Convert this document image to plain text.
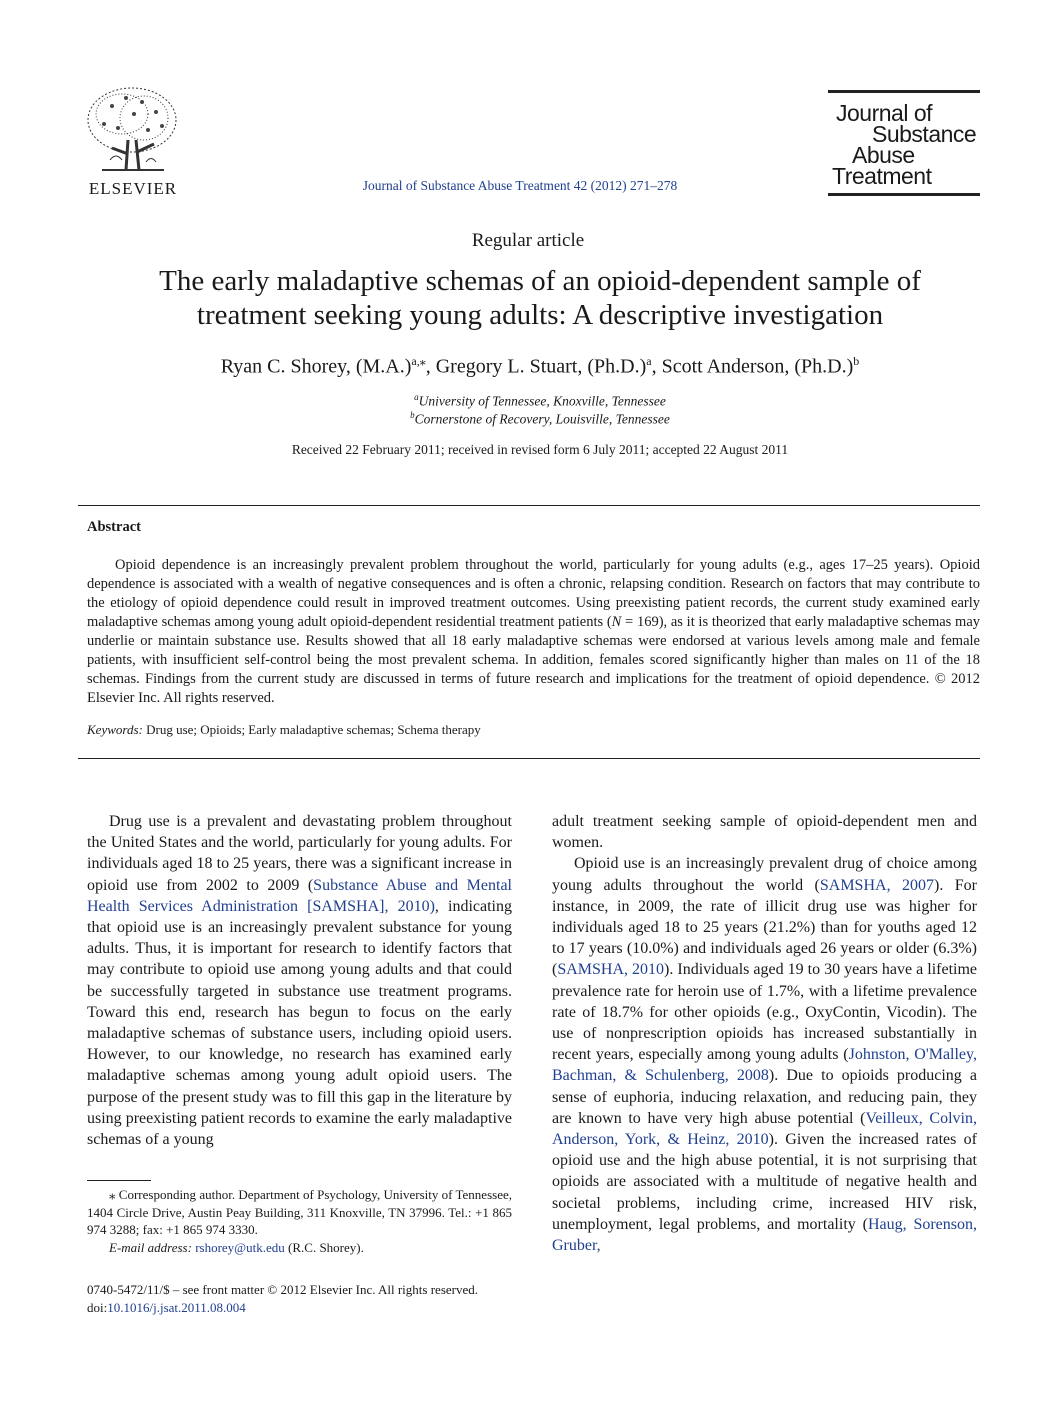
ELSEVIER	Journal of Substance Abuse Treatment 42 (2012) 271–278
Journal of
Substance
Abuse
Treatment
Regular article
The early maladaptive schemas of an opioid-dependent sample of
treatment seeking young adults: A descriptive investigation
Ryan C. Shorey, $(M.A.)^{a,⁎}$, Gregory L. Stuart, $(Ph.D.)^a$, Scott Anderson, $(Ph.D.)^b$
$^a$University of Tennessee, Knoxville, Tennessee
$^b$Cornerstone of Recovery, Louisville, Tennessee
Received 22 February 2011; received in revised form 6 July 2011; accepted 22 August 2011
Abstract
Opioid dependence is an increasingly prevalent problem throughout the world, particularly for young adults (e.g., ages 17–25 years). Opioid dependence is associated with a wealth of negative consequences and is often a chronic, relapsing condition. Research on factors that may contribute to the etiology of opioid dependence could result in improved treatment outcomes. Using preexisting patient records, the current study examined early maladaptive schemas among young adult opioid-dependent residential treatment patients (N = 169), as it is theorized that early maladaptive schemas may underlie or maintain substance use. Results showed that all 18 early maladaptive schemas were endorsed at various levels among male and female patients, with insufficient self-control being the most prevalent schema. In addition, females scored significantly higher than males on 11 of the 18 schemas. Findings from the current study are discussed in terms of future research and implications for the treatment of opioid dependence. © 2012 Elsevier Inc. All rights reserved.
Keywords: Drug use; Opioids; Early maladaptive schemas; Schema therapy

Drug use is a prevalent and devastating problem throughout the United States and the world, particularly for young adults. For individuals aged 18 to 25 years, there was a significant increase in opioid use from 2002 to 2009 (Substance Abuse and Mental Health Services Administration [SAMSHA], 2010), indicating that opioid use is an increasingly prevalent substance for young adults. Thus, it is important for research to identify factors that may contribute to opioid use among young adults and that could be successfully targeted in substance use treatment programs. Toward this end, research has begun to focus on the early maladaptive schemas of substance users, including opioid users. However, to our knowledge, no research has examined early maladaptive schemas among young adult opioid users. The purpose of the present study was to fill this gap in the literature by using preexisting patient records to examine the early maladaptive schemas of a young

adult treatment seeking sample of opioid-dependent men and women.

Opioid use is an increasingly prevalent drug of choice among young adults throughout the world (SAMSHA, 2007). For instance, in 2009, the rate of illicit drug use was higher for individuals aged 18 to 25 years (21.2%) than for youths aged 12 to 17 years (10.0%) and individuals aged 26 years or older (6.3%) (SAMSHA, 2010). Individuals aged 19 to 30 years have a lifetime prevalence rate for heroin use of 1.7%, with a lifetime prevalence rate of 18.7% for other opioids (e.g., OxyContin, Vicodin). The use of nonprescription opioids has increased substantially in recent years, especially among young adults (Johnston, O'Malley, Bachman, & Schulenberg, 2008). Due to opioids producing a sense of euphoria, inducing relaxation, and reducing pain, they are known to have very high abuse potential (Veilleux, Colvin, Anderson, York, & Heinz, 2010). Given the increased rates of opioid use and the high abuse potential, it is not surprising that opioids are associated with a multitude of negative health and societal problems, including crime, increased HIV risk, unemployment, legal problems, and mortality (Haug, Sorenson, Gruber,

⁎ Corresponding author. Department of Psychology, University of Tennessee, 1404 Circle Drive, Austin Peay Building, 311 Knoxville, TN 37996. Tel.: +1 865 974 3288; fax: +1 865 974 3330.

E-mail address: rshorey@utk.edu (R.C. Shorey).

0740-5472/11/$ – see front matter © 2012 Elsevier Inc. All rights reserved.
doi:10.1016/j.jsat.2011.08.004
